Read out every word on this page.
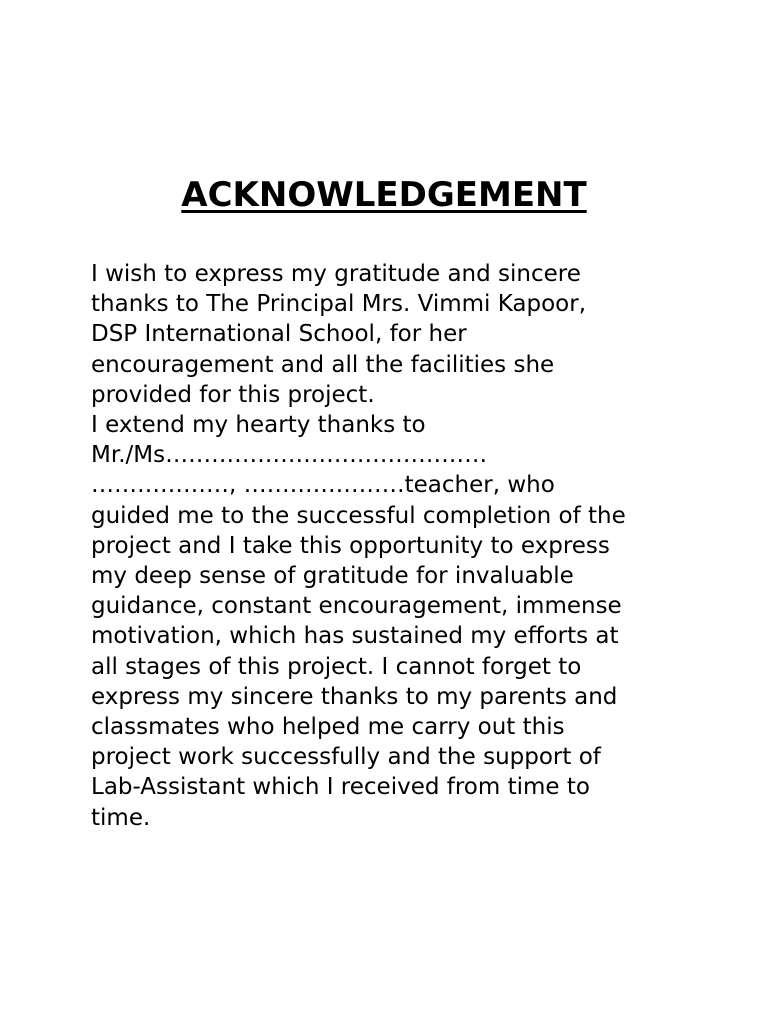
ACKNOWLEDGEMENT
I wish to express my gratitude and sincere
thanks to The Principal Mrs. Vimmi Kapoor,
DSP International School, for her
encouragement and all the facilities she
provided for this project.
I extend my hearty thanks to
Mr./Ms……………………………………
………………, …………………teacher, who
guided me to the successful completion of the
project and I take this opportunity to express
my deep sense of gratitude for invaluable
guidance, constant encouragement, immense
motivation, which has sustained my efforts at
all stages of this project. I cannot forget to
express my sincere thanks to my parents and
classmates who helped me carry out this
project work successfully and the support of
Lab-Assistant which I received from time to
time.
